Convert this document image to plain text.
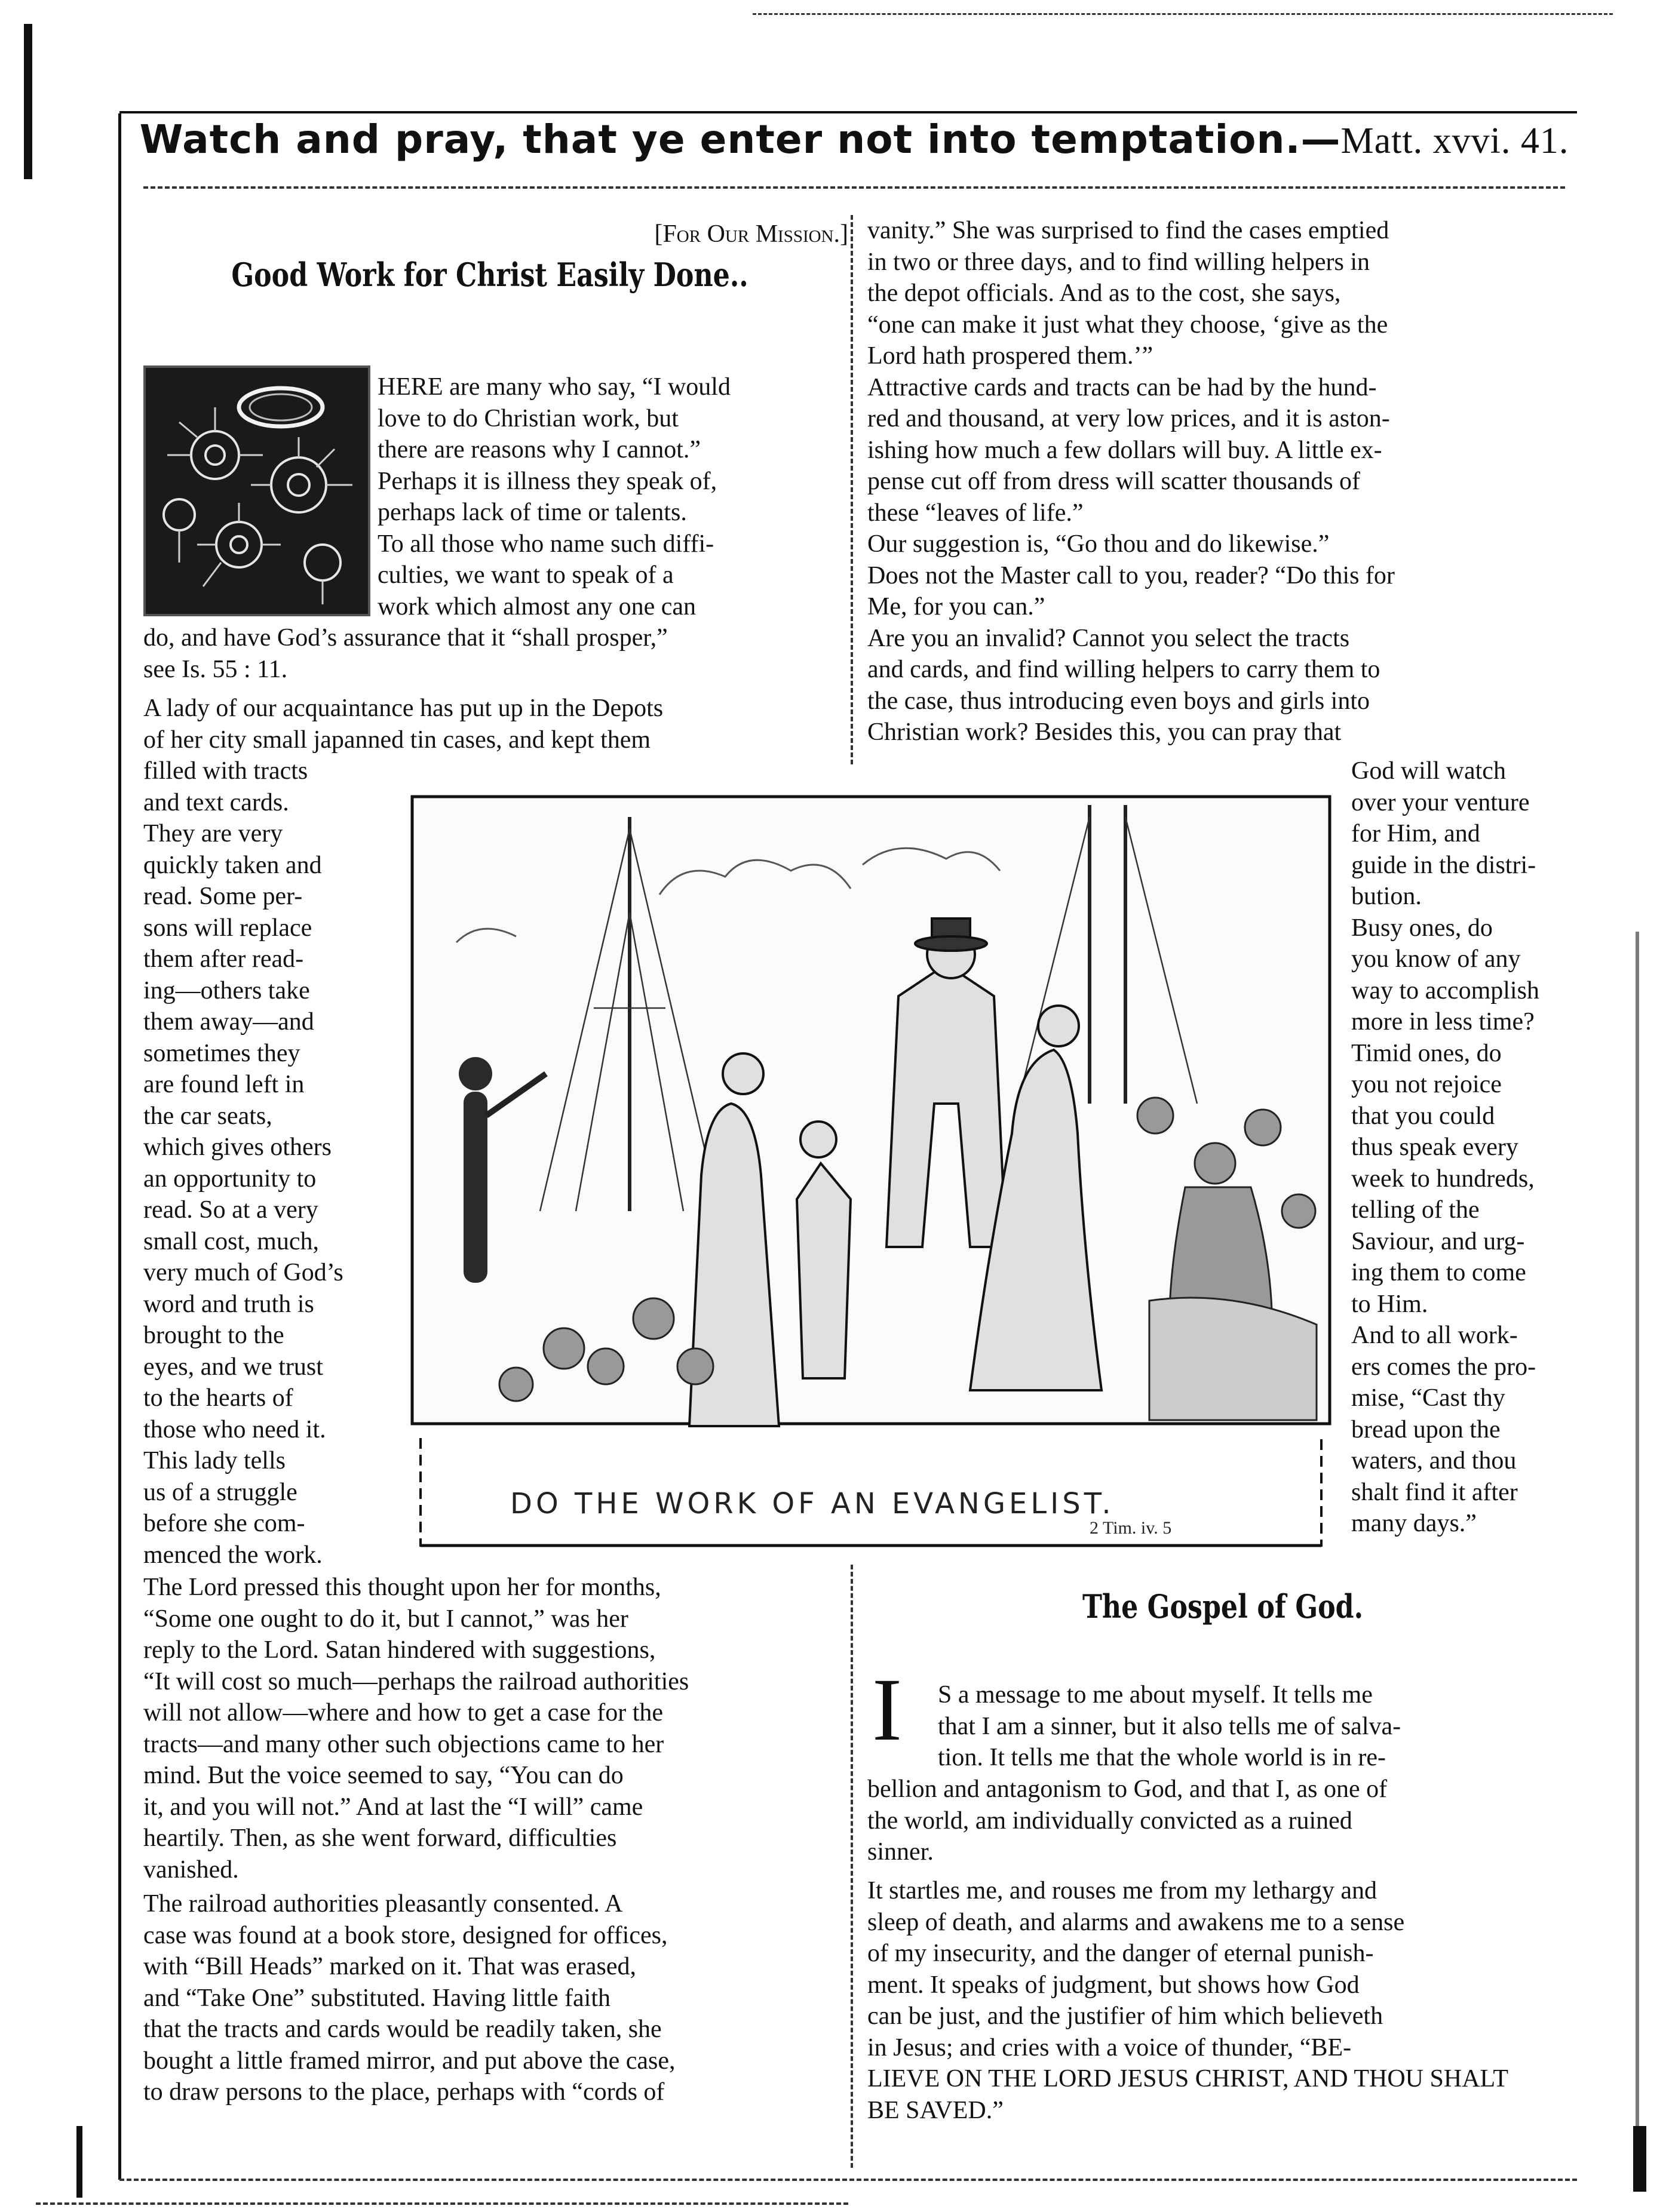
Watch and pray, that ye enter not into temptation.—Matt. xvvi. 41.
[For Our Mission.]
Good Work for Christ Easily Done..

HERE are many who say, “I would
love to do Christian work, but
there are reasons why I cannot.”
Perhaps it is illness they speak of,
perhaps lack of time or talents.
To all those who name such diffi-
culties, we want to speak of a
work which almost any one can

do, and have God’s assurance that it “shall prosper,”
see Is. 55 : 11.

A lady of our acquaintance has put up in the Depots
of her city small japanned tin cases, and kept them

filled with tracts
and text cards.
They are very
quickly taken and
read. Some per-
sons will replace
them after read-
ing—others take
them away—and
sometimes they
are found left in
the car seats,
which gives others
an opportunity to
read. So at a very
small cost, much,
very much of God’s
word and truth is
brought to the
eyes, and we trust
to the hearts of
those who need it.
This lady tells
us of a struggle
before she com-
menced the work.

The Lord pressed this thought upon her for months,
“Some one ought to do it, but I cannot,” was her
reply to the Lord. Satan hindered with suggestions,
“It will cost so much—perhaps the railroad authorities
will not allow—where and how to get a case for the
tracts—and many other such objections came to her
mind. But the voice seemed to say, “You can do
it, and you will not.” And at last the “I will” came
heartily. Then, as she went forward, difficulties
vanished.

The railroad authorities pleasantly consented. A
case was found at a book store, designed for offices,
with “Bill Heads” marked on it. That was erased,
and “Take One” substituted. Having little faith
that the tracts and cards would be readily taken, she
bought a little framed mirror, and put above the case,
to draw persons to the place, perhaps with “cords of

vanity.” She was surprised to find the cases emptied
in two or three days, and to find willing helpers in
the depot officials. And as to the cost, she says,
“one can make it just what they choose, ‘give as the
Lord hath prospered them.’”
Attractive cards and tracts can be had by the hund-
red and thousand, at very low prices, and it is aston-
ishing how much a few dollars will buy. A little ex-
pense cut off from dress will scatter thousands of
these “leaves of life.”
Our suggestion is, “Go thou and do likewise.”
Does not the Master call to you, reader? “Do this for
Me, for you can.”
Are you an invalid? Cannot you select the tracts
and cards, and find willing helpers to carry them to
the case, thus introducing even boys and girls into
Christian work? Besides this, you can pray that

God will watch
over your venture
for Him, and
guide in the distri-
bution.
Busy ones, do
you know of any
way to accomplish
more in less time?
Timid ones, do
you not rejoice
that you could
thus speak every
week to hundreds,
telling of the
Saviour, and urg-
ing them to come
to Him.
And to all work-
ers comes the pro-
mise, “Cast thy
bread upon the
waters, and thou
shalt find it after
many days.”

DO THE WORK OF AN EVANGELIST.
2 Tim. iv. 5
The Gospel of God.
I	S a message to me about myself. It tells me
that I am a sinner, but it also tells me of salva-
tion. It tells me that the whole world is in re-

bellion and antagonism to God, and that I, as one of
the world, am individually convicted as a ruined
sinner.

It startles me, and rouses me from my lethargy and
sleep of death, and alarms and awakens me to a sense
of my insecurity, and the danger of eternal punish-
ment. It speaks of judgment, but shows how God
can be just, and the justifier of him which believeth
in Jesus; and cries with a voice of thunder, “BE-
LIEVE ON THE LORD JESUS CHRIST, AND THOU SHALT
BE SAVED.”
